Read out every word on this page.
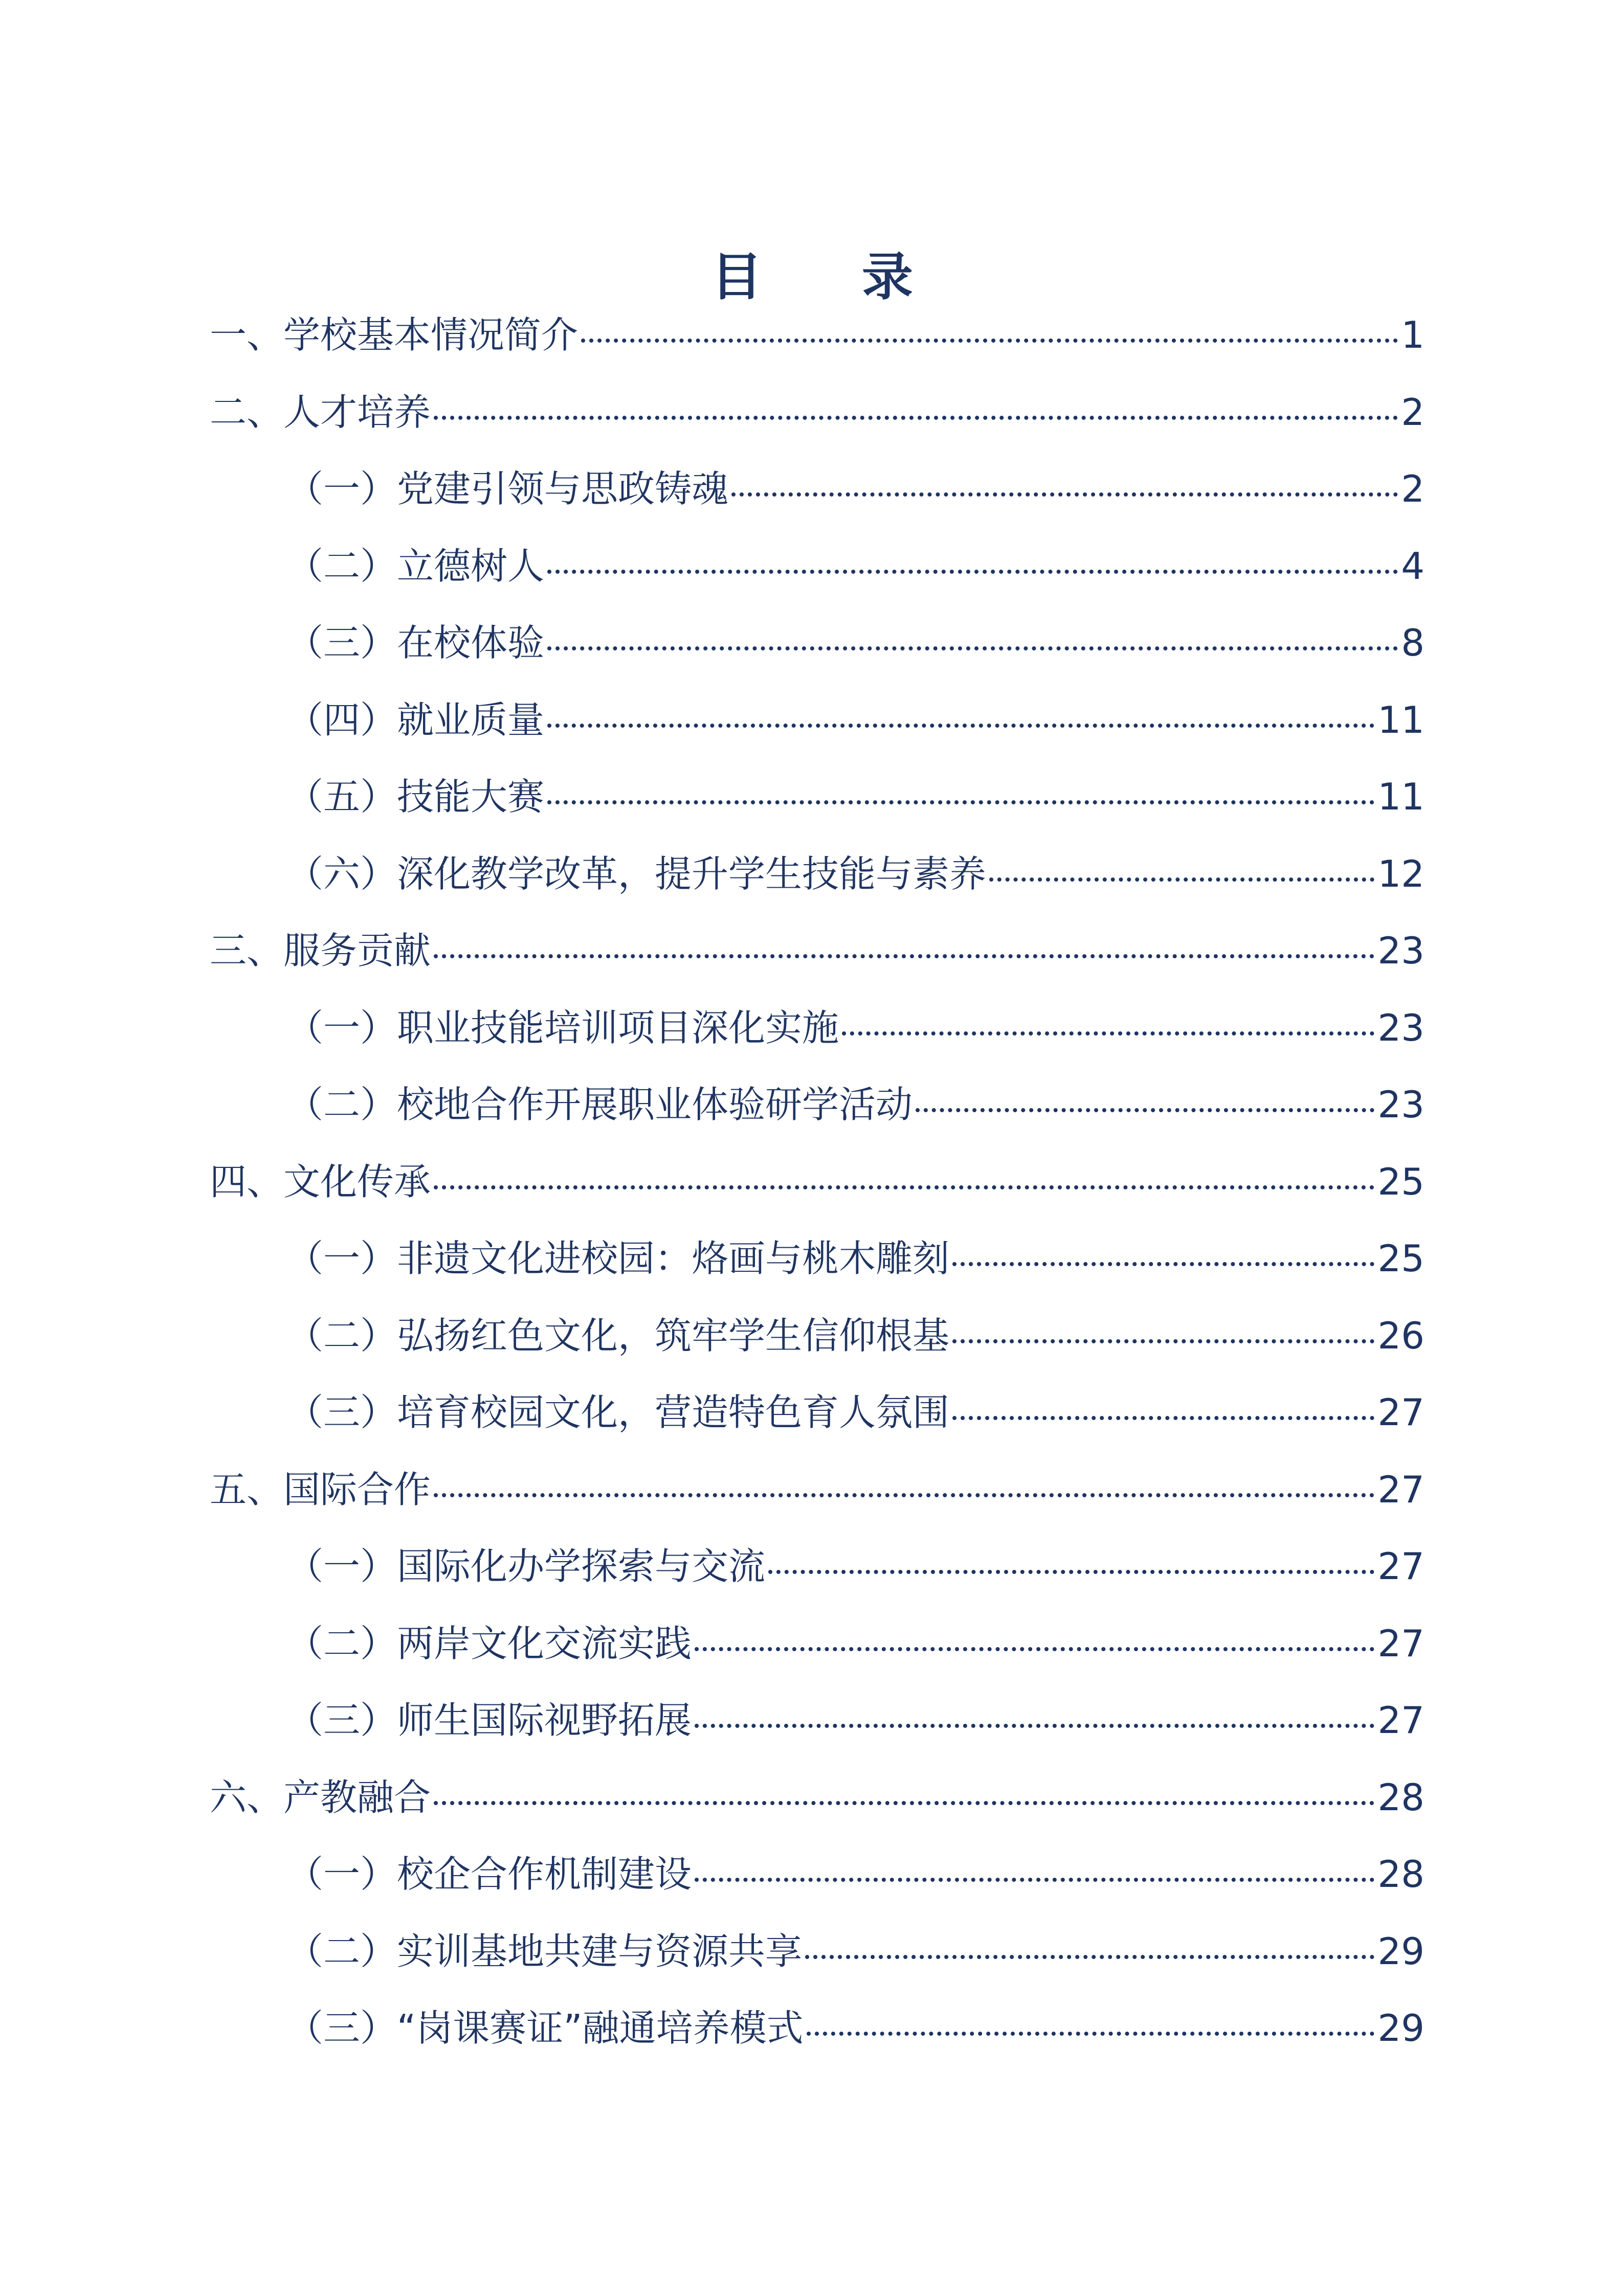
目 录
一、学校基本情况简介	1
二、人才培养	2
（一）党建引领与思政铸魂	2
（二）立德树人	4
（三）在校体验	8
（四）就业质量	11
（五）技能大赛	11
（六）深化教学改革，提升学生技能与素养	12
三、服务贡献	23
（一）职业技能培训项目深化实施	23
（二）校地合作开展职业体验研学活动	23
四、文化传承	25
（一）非遗文化进校园：烙画与桃木雕刻	25
（二）弘扬红色文化，筑牢学生信仰根基	26
（三）培育校园文化，营造特色育人氛围	27
五、国际合作	27
（一）国际化办学探索与交流	27
（二）两岸文化交流实践	27
（三）师生国际视野拓展	27
六、产教融合	28
（一）校企合作机制建设	28
（二）实训基地共建与资源共享	29
（三）“岗课赛证”融通培养模式	29
